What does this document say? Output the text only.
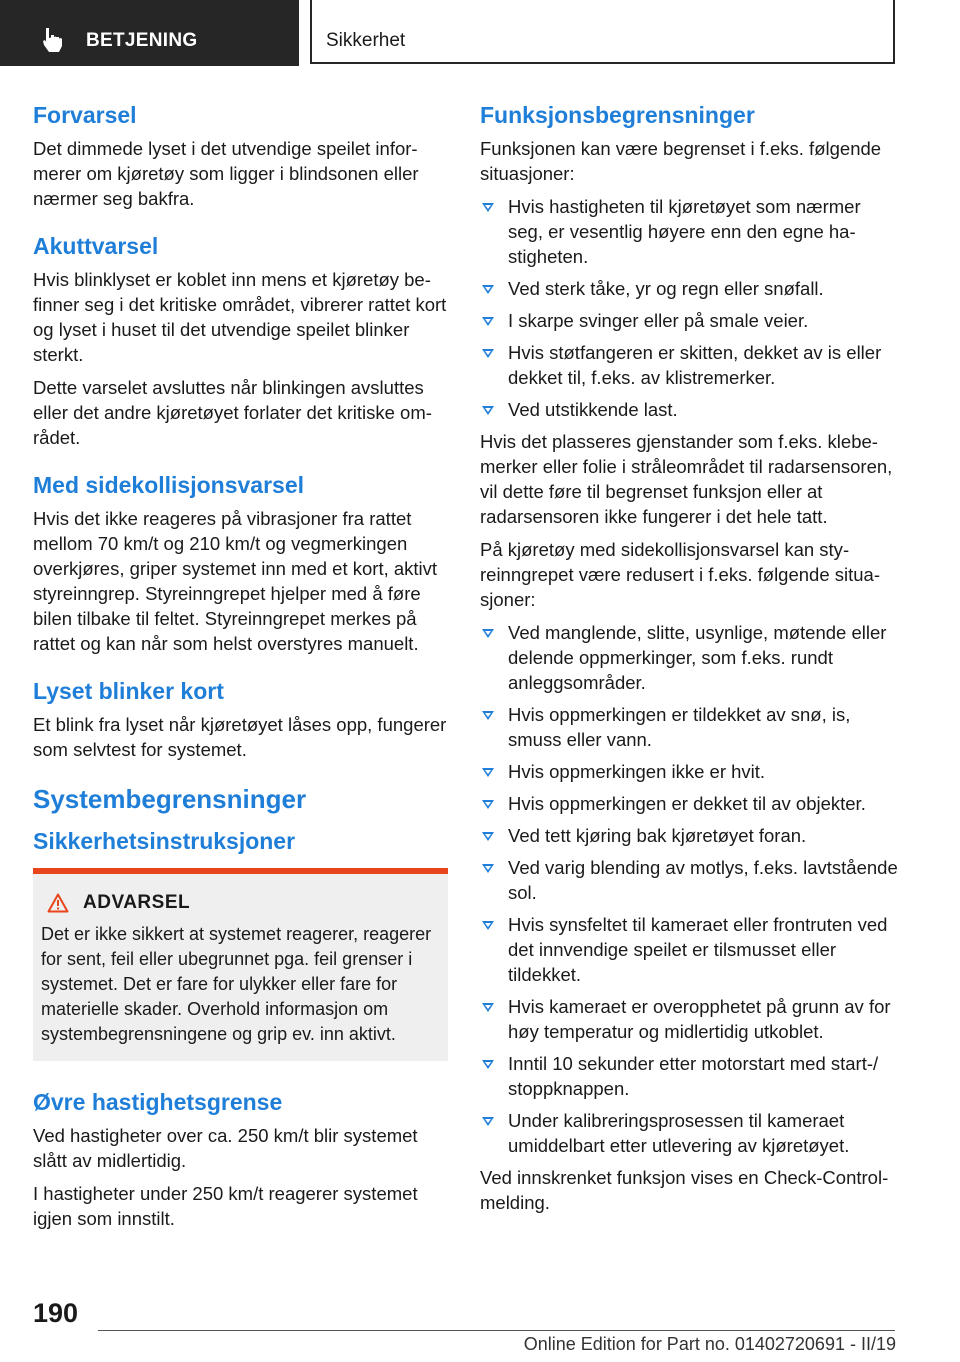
BETJENING	Sikkerhet
Forvarsel

Det dimmede lyset i det utvendige speilet informerer om kjøretøy som ligger i blindsonen eller nærmer seg bakfra.

Akuttvarsel

Hvis blinklyset er koblet inn mens et kjøretøy befinner seg i det kritiske området, vibrerer rattet kort og lyset i huset til det utvendige speilet blinker sterkt.

Dette varselet avsluttes når blinkingen avsluttes eller det andre kjøretøyet forlater det kritiske området.

Med sidekollisjonsvarsel

Hvis det ikke reageres på vibrasjoner fra rattet mellom 70 km/t og 210 km/t og vegmerkingen overkjøres, griper systemet inn med et kort, aktivt styreinngrep. Styreinngrepet hjelper med å føre bilen tilbake til feltet. Styreinngrepet merkes på rattet og kan når som helst overstyres manuelt.

Lyset blinker kort

Et blink fra lyset når kjøretøyet låses opp, fungerer som selvtest for systemet.

Systembegrensninger
Sikkerhetsinstruksjoner
ADVARSEL

Det er ikke sikkert at systemet reagerer, reagerer for sent, feil eller ubegrunnet pga. feil grenser i systemet. Det er fare for ulykker eller fare for materielle skader. Overhold informasjon om systembegrensningene og grip ev. inn aktivt.

Øvre hastighetsgrense

Ved hastigheter over ca. 250 km/t blir systemet slått av midlertidig.

I hastigheter under 250 km/t reagerer systemet igjen som innstilt.

Funksjonsbegrensninger

Funksjonen kan være begrenset i f.eks. følgende situasjoner:

Hvis hastigheten til kjøretøyet som nærmer seg, er vesentlig høyere enn den egne hastigheten.
Ved sterk tåke, yr og regn eller snøfall.
I skarpe svinger eller på smale veier.
Hvis støtfangeren er skitten, dekket av is eller dekket til, f.eks. av klistremerker.
Ved utstikkende last.

Hvis det plasseres gjenstander som f.eks. klebemerker eller folie i stråleområdet til radarsensoren, vil dette føre til begrenset funksjon eller at radarsensoren ikke fungerer i det hele tatt.

På kjøretøy med sidekollisjonsvarsel kan styreinngrepet være redusert i f.eks. følgende situasjoner:

Ved manglende, slitte, usynlige, møtende eller delende oppmerkinger, som f.eks. rundt anleggsområder.
Hvis oppmerkingen er tildekket av snø, is, smuss eller vann.
Hvis oppmerkingen ikke er hvit.
Hvis oppmerkingen er dekket til av objekter.
Ved tett kjøring bak kjøretøyet foran.
Ved varig blending av motlys, f.eks. lavtstående sol.
Hvis synsfeltet til kameraet eller frontruten ved det innvendige speilet er tilsmusset eller tildekket.
Hvis kameraet er overopphetet på grunn av for høy temperatur og midlertidig utkoblet.
Inntil 10 sekunder etter motorstart med start-/ stoppknappen.
Under kalibreringsprosessen til kameraet umiddelbart etter utlevering av kjøretøyet.

Ved innskrenket funksjon vises en Check-Control-melding.

190
Online Edition for Part no. 01402720691 - II/19
